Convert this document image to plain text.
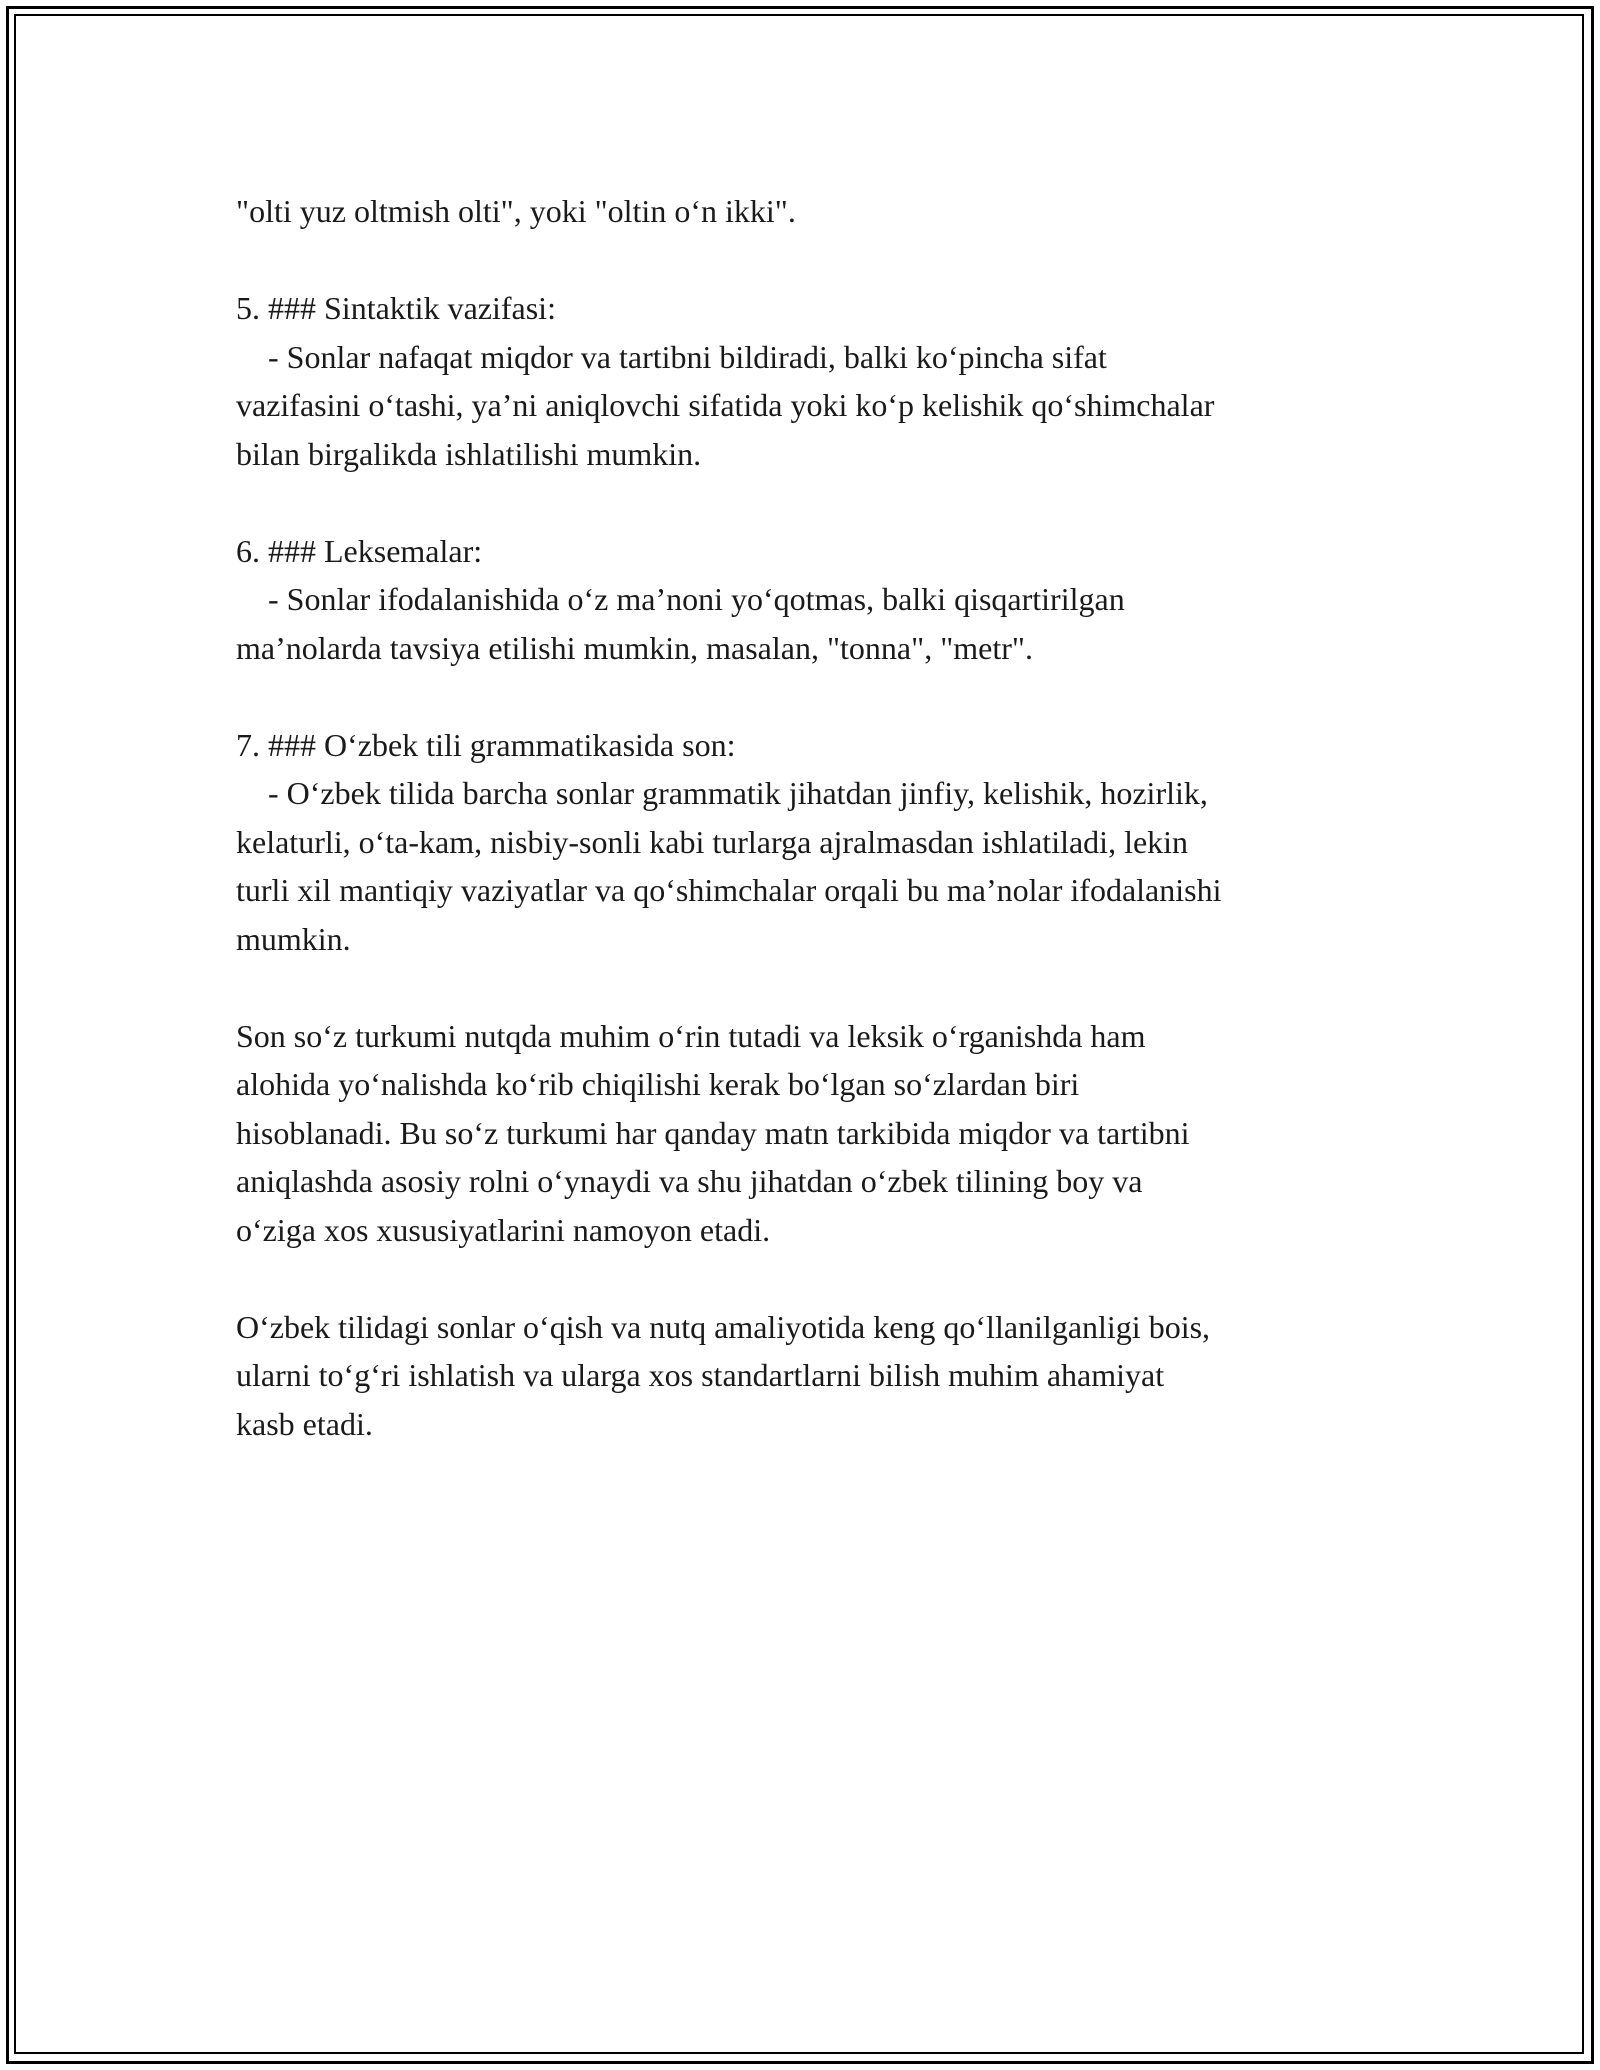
"olti yuz oltmish olti", yoki "oltin o‘n ikki".
5. ### Sintaktik vazifasi:
- Sonlar nafaqat miqdor va tartibni bildiradi, balki ko‘pincha sifat
vazifasini o‘tashi, ya’ni aniqlovchi sifatida yoki ko‘p kelishik qo‘shimchalar
bilan birgalikda ishlatilishi mumkin.
6. ### Leksemalar:
- Sonlar ifodalanishida o‘z ma’noni yo‘qotmas, balki qisqartirilgan
ma’nolarda tavsiya etilishi mumkin, masalan, "tonna", "metr".
7. ### O‘zbek tili grammatikasida son:
- O‘zbek tilida barcha sonlar grammatik jihatdan jinfiy, kelishik, hozirlik,
kelaturli, o‘ta-kam, nisbiy-sonli kabi turlarga ajralmasdan ishlatiladi, lekin
turli xil mantiqiy vaziyatlar va qo‘shimchalar orqali bu ma’nolar ifodalanishi
mumkin.
Son so‘z turkumi nutqda muhim o‘rin tutadi va leksik o‘rganishda ham
alohida yo‘nalishda ko‘rib chiqilishi kerak bo‘lgan so‘zlardan biri
hisoblanadi. Bu so‘z turkumi har qanday matn tarkibida miqdor va tartibni
aniqlashda asosiy rolni o‘ynaydi va shu jihatdan o‘zbek tilining boy va
o‘ziga xos xususiyatlarini namoyon etadi.
O‘zbek tilidagi sonlar o‘qish va nutq amaliyotida keng qo‘llanilganligi bois,
ularni to‘g‘ri ishlatish va ularga xos standartlarni bilish muhim ahamiyat
kasb etadi.
